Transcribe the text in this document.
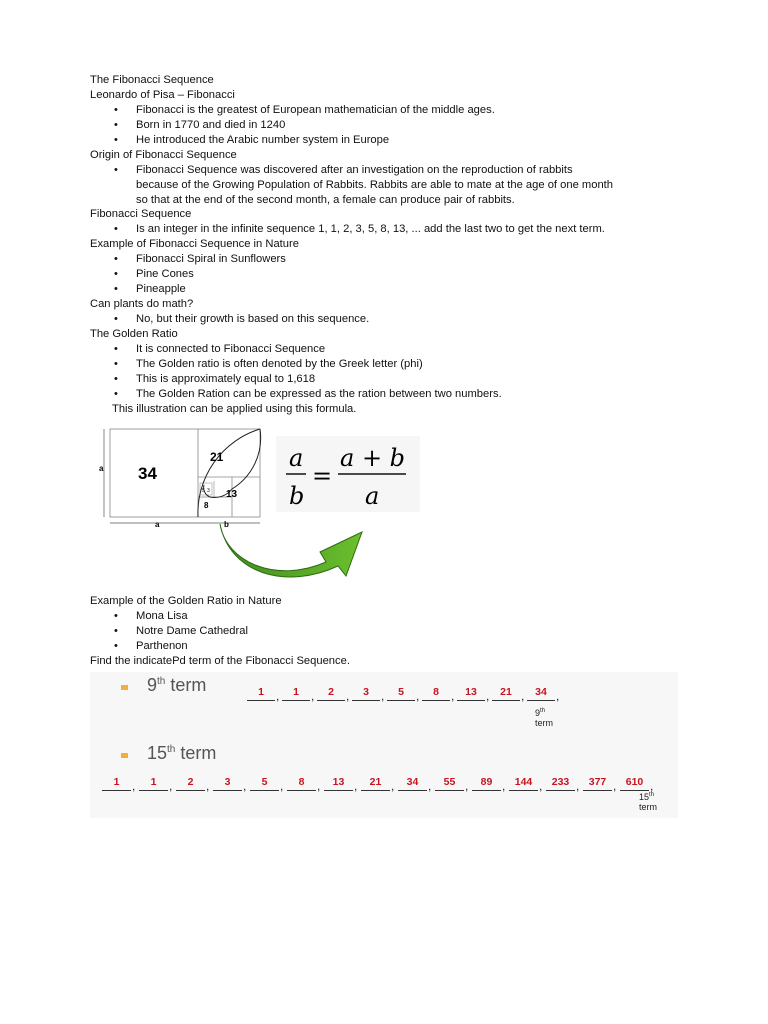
The Fibonacci Sequence
Leonardo of Pisa – Fibonacci
• Fibonacci is the greatest of European mathematician of the middle ages.
• Born in 1770 and died in 1240
• He introduced the Arabic number system in Europe
Origin of Fibonacci Sequence
• Fibonacci Sequence was discovered after an investigation on the reproduction of rabbits
because of the Growing Population of Rabbits. Rabbits are able to mate at the age of one month
so that at the end of the second month, a female can produce pair of rabbits.
Fibonacci Sequence
• Is an integer in the infinite sequence 1, 1, 2, 3, 5, 8, 13, ... add the last two to get the next term.
Example of Fibonacci Sequence in Nature
• Fibonacci Spiral in Sunflowers
• Pine Cones
• Pineapple
Can plants do math?
• No, but their growth is based on this sequence.
The Golden Ratio
• It is connected to Fibonacci Sequence
• The Golden ratio is often denoted by the Greek letter (phi)
• This is approximately equal to 1,618
• The Golden Ration can be expressed as the ration between two numbers.
This illustration can be applied using this formula.
34
21
13
8
5 3
a
a	b
a
b
=
a + b
a
Example of the Golden Ratio in Nature
• Mona Lisa
• Notre Dame Cathedral
• Parthenon
Find the indicatePd term of the Fibonacci Sequence.
9th term	1	,	1	,	2	,	3	,	5	,	8	,	13 ,	21 ,	34 ,
9th
term
15th term
1	,	1	,	2	,	3	,	5	,	8	,	13 ,	21 ,	34 ,	55 ,	89 , 144 , 233 , 377 , 610 ,
15th
term
